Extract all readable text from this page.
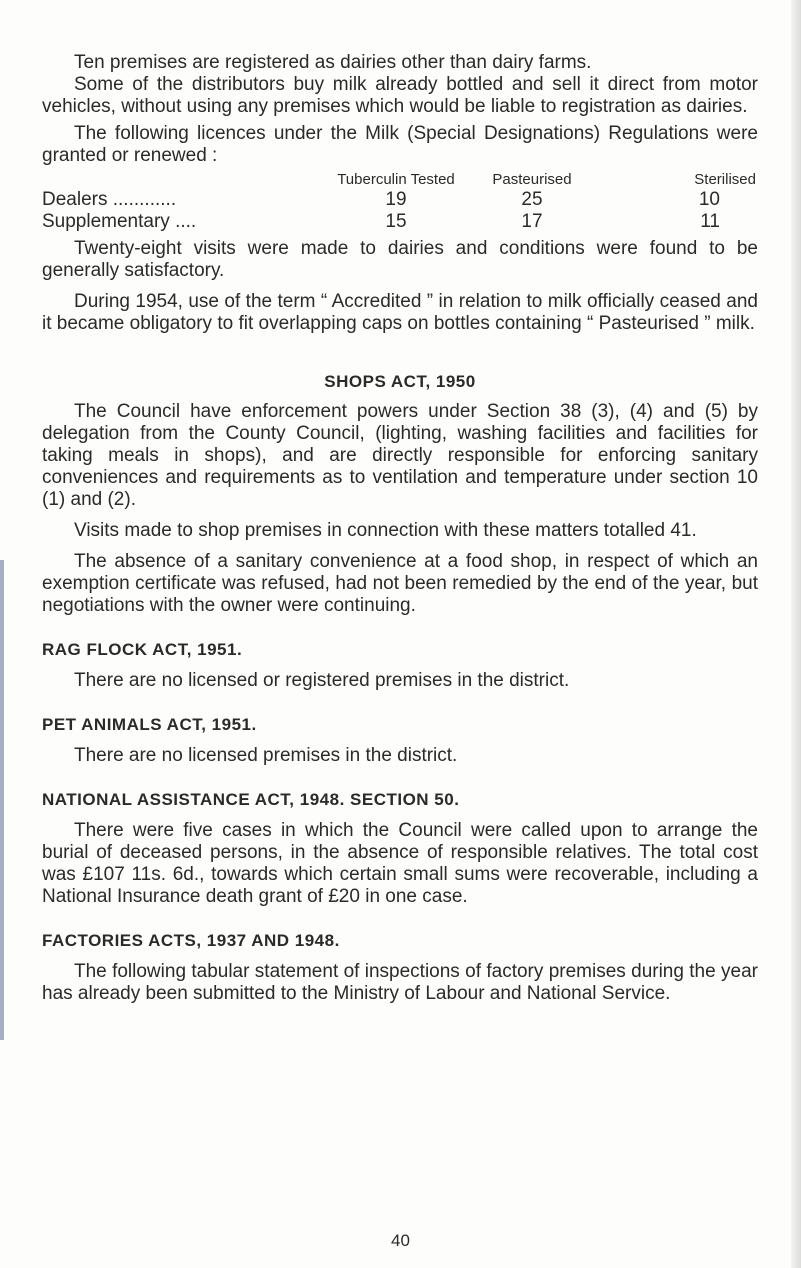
Ten premises are registered as dairies other than dairy farms.

Some of the distributors buy milk already bottled and sell it direct from motor vehicles, without using any premises which would be liable to registration as dairies.

The following licences under the Milk (Special Designations) Regulations were granted or renewed :

	Tuberculin Tested	Pasteurised	Sterilised
Dealers ............	19	25	10
Supplementary ....	15	17	11

Twenty-eight visits were made to dairies and conditions were found to be generally satisfactory.

During 1954, use of the term “ Accredited ” in relation to milk officially ceased and it became obligatory to fit overlapping caps on bottles containing “ Pasteurised ” milk.

SHOPS ACT, 1950

The Council have enforcement powers under Section 38 (3), (4) and (5) by delegation from the County Council, (lighting, washing facilities and facilities for taking meals in shops), and are directly responsible for enforcing sanitary conveniences and requirements as to ventilation and temperature under section 10 (1) and (2).

Visits made to shop premises in connection with these matters totalled 41.

The absence of a sanitary convenience at a food shop, in respect of which an exemption certificate was refused, had not been remedied by the end of the year, but negotiations with the owner were continuing.

RAG FLOCK ACT, 1951.

There are no licensed or registered premises in the district.

PET ANIMALS ACT, 1951.

There are no licensed premises in the district.

NATIONAL ASSISTANCE ACT, 1948. SECTION 50.

There were five cases in which the Council were called upon to arrange the burial of deceased persons, in the absence of responsible relatives. The total cost was £107 11s. 6d., towards which certain small sums were recoverable, including a National Insurance death grant of £20 in one case.

FACTORIES ACTS, 1937 AND 1948.

The following tabular statement of inspections of factory premises during the year has already been submitted to the Ministry of Labour and National Service.

40
